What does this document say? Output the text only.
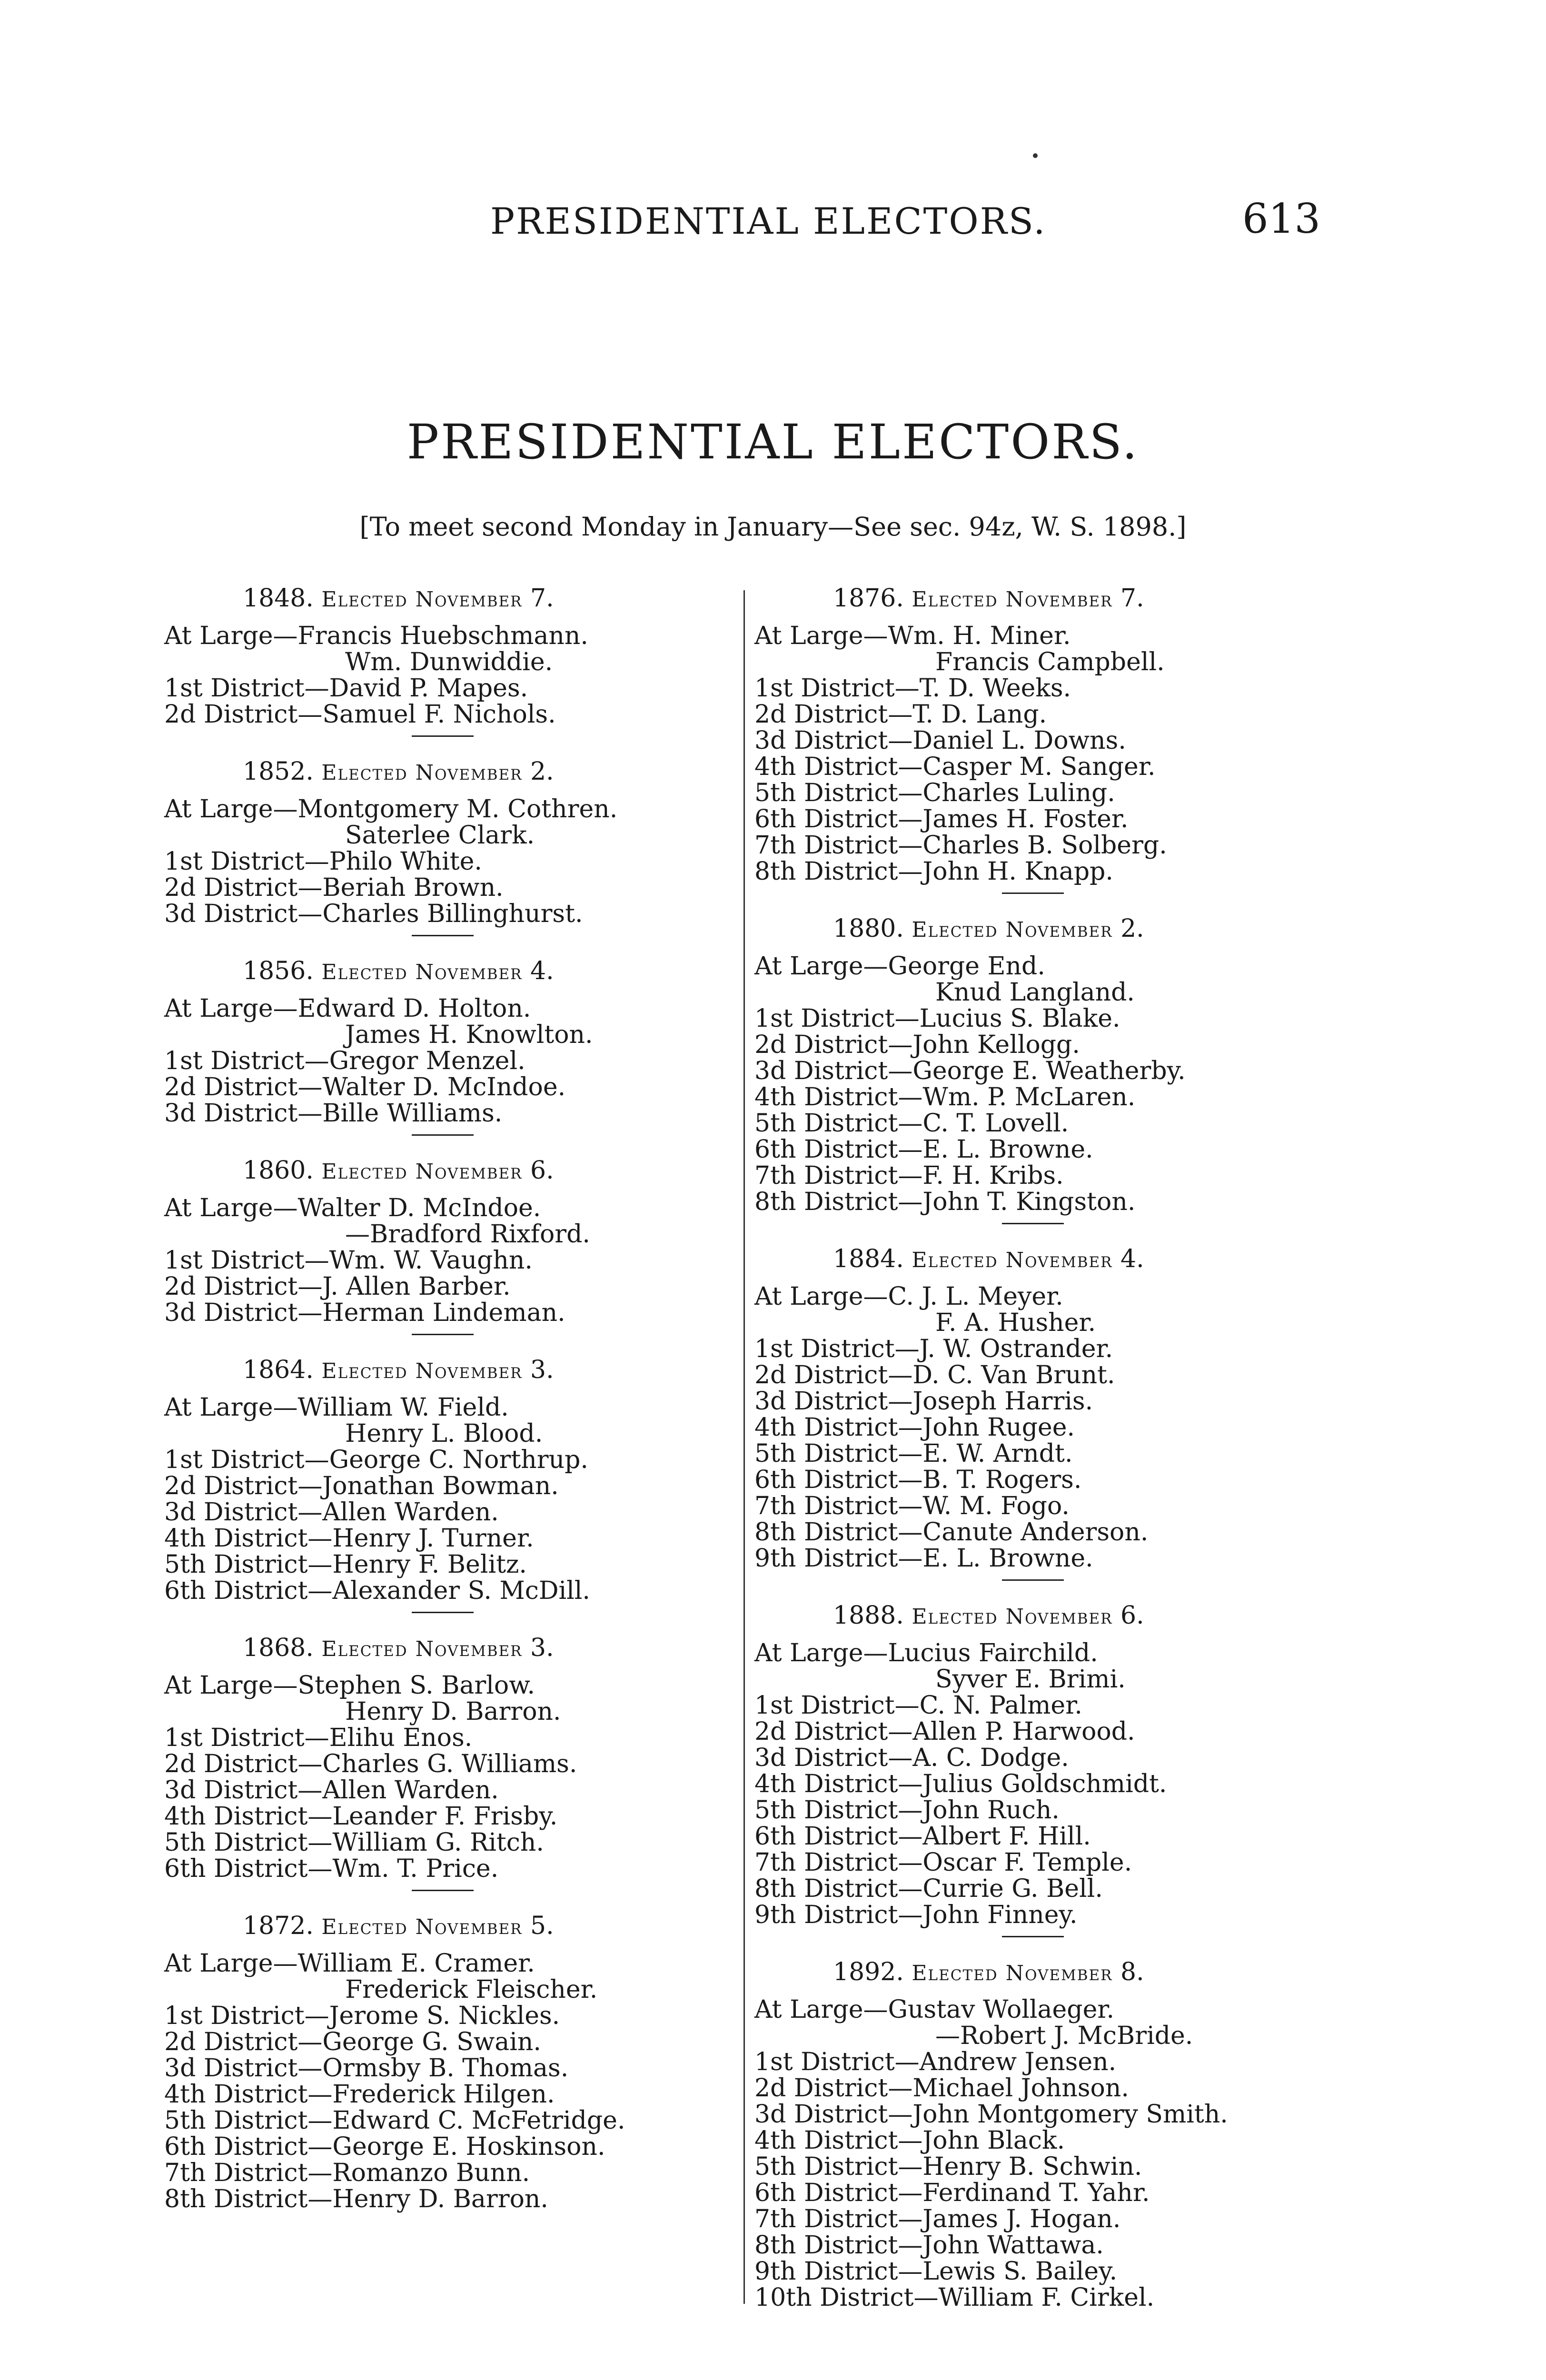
PRESIDENTIAL ELECTORS.	613
PRESIDENTIAL ELECTORS.
[To meet second Monday in January—See sec. 94z, W. S. 1898.]
1848. Elected November 7.
At Large—Francis Huebschmann.
Wm. Dunwiddie.
1st District—David P. Mapes.
2d District—Samuel F. Nichols.
1852. Elected November 2.
At Large—Montgomery M. Cothren.
Saterlee Clark.
1st District—Philo White.
2d District—Beriah Brown.
3d District—Charles Billinghurst.
1856. Elected November 4.
At Large—Edward D. Holton.
James H. Knowlton.
1st District—Gregor Menzel.
2d District—Walter D. McIndoe.
3d District—Bille Williams.
1860. Elected November 6.
At Large—Walter D. McIndoe.
—Bradford Rixford.
1st District—Wm. W. Vaughn.
2d District—J. Allen Barber.
3d District—Herman Lindeman.
1864. Elected November 3.
At Large—William W. Field.
Henry L. Blood.
1st District—George C. Northrup.
2d District—Jonathan Bowman.
3d District—Allen Warden.
4th District—Henry J. Turner.
5th District—Henry F. Belitz.
6th District—Alexander S. McDill.
1868. Elected November 3.
At Large—Stephen S. Barlow.
Henry D. Barron.
1st District—Elihu Enos.
2d District—Charles G. Williams.
3d District—Allen Warden.
4th District—Leander F. Frisby.
5th District—William G. Ritch.
6th District—Wm. T. Price.
1872. Elected November 5.
At Large—William E. Cramer.
Frederick Fleischer.
1st District—Jerome S. Nickles.
2d District—George G. Swain.
3d District—Ormsby B. Thomas.
4th District—Frederick Hilgen.
5th District—Edward C. McFetridge.
6th District—George E. Hoskinson.
7th District—Romanzo Bunn.
8th District—Henry D. Barron.
1876. Elected November 7.
At Large—Wm. H. Miner.
Francis Campbell.
1st District—T. D. Weeks.
2d District—T. D. Lang.
3d District—Daniel L. Downs.
4th District—Casper M. Sanger.
5th District—Charles Luling.
6th District—James H. Foster.
7th District—Charles B. Solberg.
8th District—John H. Knapp.
1880. Elected November 2.
At Large—George End.
Knud Langland.
1st District—Lucius S. Blake.
2d District—John Kellogg.
3d District—George E. Weatherby.
4th District—Wm. P. McLaren.
5th District—C. T. Lovell.
6th District—E. L. Browne.
7th District—F. H. Kribs.
8th District—John T. Kingston.
1884. Elected November 4.
At Large—C. J. L. Meyer.
F. A. Husher.
1st District—J. W. Ostrander.
2d District—D. C. Van Brunt.
3d District—Joseph Harris.
4th District—John Rugee.
5th District—E. W. Arndt.
6th District—B. T. Rogers.
7th District—W. M. Fogo.
8th District—Canute Anderson.
9th District—E. L. Browne.
1888. Elected November 6.
At Large—Lucius Fairchild.
Syver E. Brimi.
1st District—C. N. Palmer.
2d District—Allen P. Harwood.
3d District—A. C. Dodge.
4th District—Julius Goldschmidt.
5th District—John Ruch.
6th District—Albert F. Hill.
7th District—Oscar F. Temple.
8th District—Currie G. Bell.
9th District—John Finney.
1892. Elected November 8.
At Large—Gustav Wollaeger.
—Robert J. McBride.
1st District—Andrew Jensen.
2d District—Michael Johnson.
3d District—John Montgomery Smith.
4th District—John Black.
5th District—Henry B. Schwin.
6th District—Ferdinand T. Yahr.
7th District—James J. Hogan.
8th District—John Wattawa.
9th District—Lewis S. Bailey.
10th District—William F. Cirkel.
